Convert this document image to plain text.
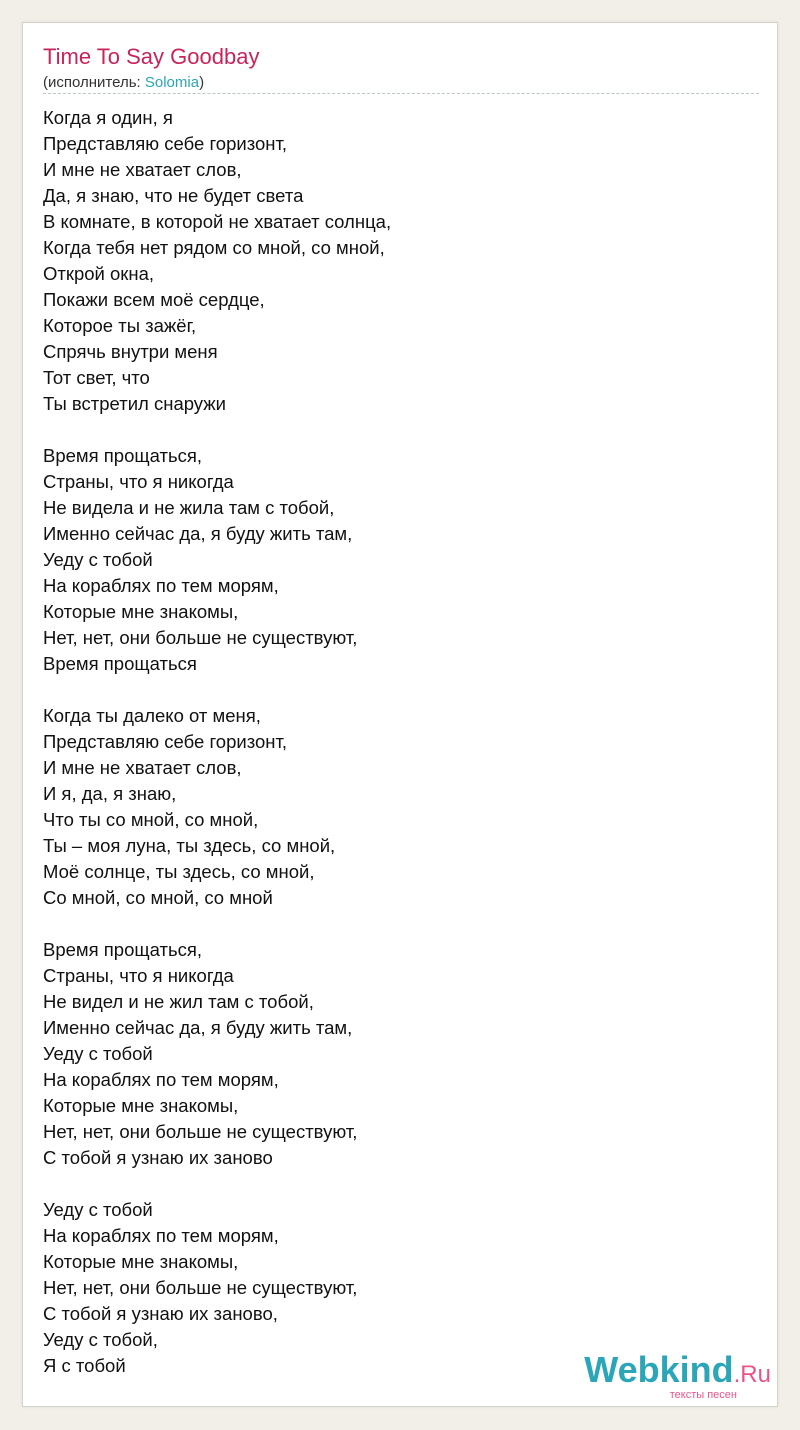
Time To Say Goodbay
(исполнитель: Solomia)
Когда я один, я
Представляю себе горизонт,
И мне не хватает слов,
Да, я знаю, что не будет света
В комнате, в которой не хватает солнца,
Когда тебя нет рядом со мной, со мной,
Открой окна,
Покажи всем моё сердце,
Которое ты зажёг,
Спрячь внутри меня
Тот свет, что
Ты встретил снаружи
Время прощаться,
Страны, что я никогда
Не видела и не жила там с тобой,
Именно сейчас да, я буду жить там,
Уеду с тобой
На кораблях по тем морям,
Которые мне знакомы,
Нет, нет, они больше не существуют,
Время прощаться
Когда ты далеко от меня,
Представляю себе горизонт,
И мне не хватает слов,
И я, да, я знаю,
Что ты со мной, со мной,
Ты – моя луна, ты здесь, со мной,
Моё солнце, ты здесь, со мной,
Со мной, со мной, со мной
Время прощаться,
Страны, что я никогда
Не видел и не жил там с тобой,
Именно сейчас да, я буду жить там,
Уеду с тобой
На кораблях по тем морям,
Которые мне знакомы,
Нет, нет, они больше не существуют,
С тобой я узнаю их заново
Уеду с тобой
На кораблях по тем морям,
Которые мне знакомы,
Нет, нет, они больше не существуют,
С тобой я узнаю их заново,
Уеду с тобой,
Я с тобой	Webkind.Ru
тексты песен
